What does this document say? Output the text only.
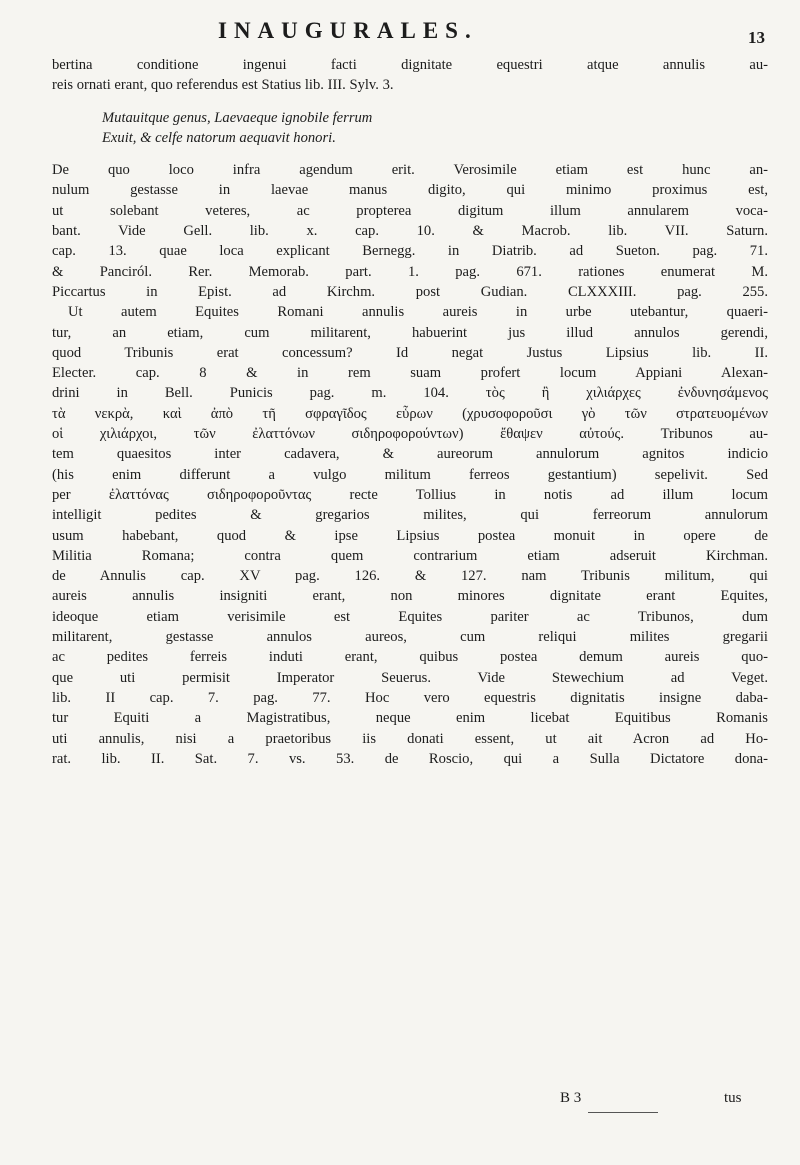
INAUGURALES.	13
bertina conditione ingenui facti dignitate equestri atque annulis au-
reis ornati erant, quo referendus est Statius lib. III. Sylv. 3.
Mutauitque genus, Laevaeque ignobile ferrum
Exuit, & celfe natorum aequavit honori.
De quo loco infra agendum erit. Verosimile etiam est hunc an-
nulum gestasse in laevae manus digito, qui minimo proximus est,
ut solebant veteres, ac propterea digitum illum annularem voca-
bant. Vide Gell. lib. x. cap. 10. & Macrob. lib. VII. Saturn.
cap. 13. quae loca explicant Bernegg. in Diatrib. ad Sueton. pag. 71.
& Panciról. Rer. Memorab. part. 1. pag. 671. rationes enumerat M.
Piccartus in Epist. ad Kirchm. post Gudian. CLXXXIII. pag. 255.
Ut autem Equites Romani annulis aureis in urbe utebantur, quaeri-
tur, an etiam, cum militarent, habuerint jus illud annulos gerendi,
quod Tribunis erat concessum? Id negat Justus Lipsius lib. II.
Electer. cap. 8 & in rem suam profert locum Appiani Alexan-
drini in Bell. Punicis pag. m. 104. τὸς ἢ χιλιάρχες ἐνδυνησάμενος
τὰ νεκρὰ, καὶ ἀπὸ τῆ σφραγῖδος εὗρων (χρυσοφοροῦσι γὸ τῶν στρατευομένων
οἱ χιλιάρχοι, τῶν ἐλαττόνων σιδηροφορούντων) ἔθαψεν αὐτούς. Tribunos au-
tem quaesitos inter cadavera, & aureorum annulorum agnitos indicio
(his enim differunt a vulgo militum ferreos gestantium) sepelivit. Sed
per ἐλαττόνας σιδηροφοροῦντας recte Tollius in notis ad illum locum
intelligit pedites & gregarios milites, qui ferreorum annulorum
usum habebant, quod & ipse Lipsius postea monuit in opere de
Militia Romana; contra quem contrarium etiam adseruit Kirchman.
de Annulis cap. XV pag. 126. & 127. nam Tribunis militum, qui
aureis annulis insigniti erant, non minores dignitate erant Equites,
ideoque etiam verisimile est Equites pariter ac Tribunos, dum
militarent, gestasse annulos aureos, cum reliqui milites gregarii
ac pedites ferreis induti erant, quibus postea demum aureis quo-
que uti permisit Imperator Seuerus. Vide Stewechium ad Veget.
lib. II cap. 7. pag. 77. Hoc vero equestris dignitatis insigne daba-
tur Equiti a Magistratibus, neque enim licebat Equitibus Romanis
uti annulis, nisi a praetoribus iis donati essent, ut ait Acron ad Ho-
rat. lib. II. Sat. 7. vs. 53. de Roscio, qui a Sulla Dictatore dona-
B 3	tus
